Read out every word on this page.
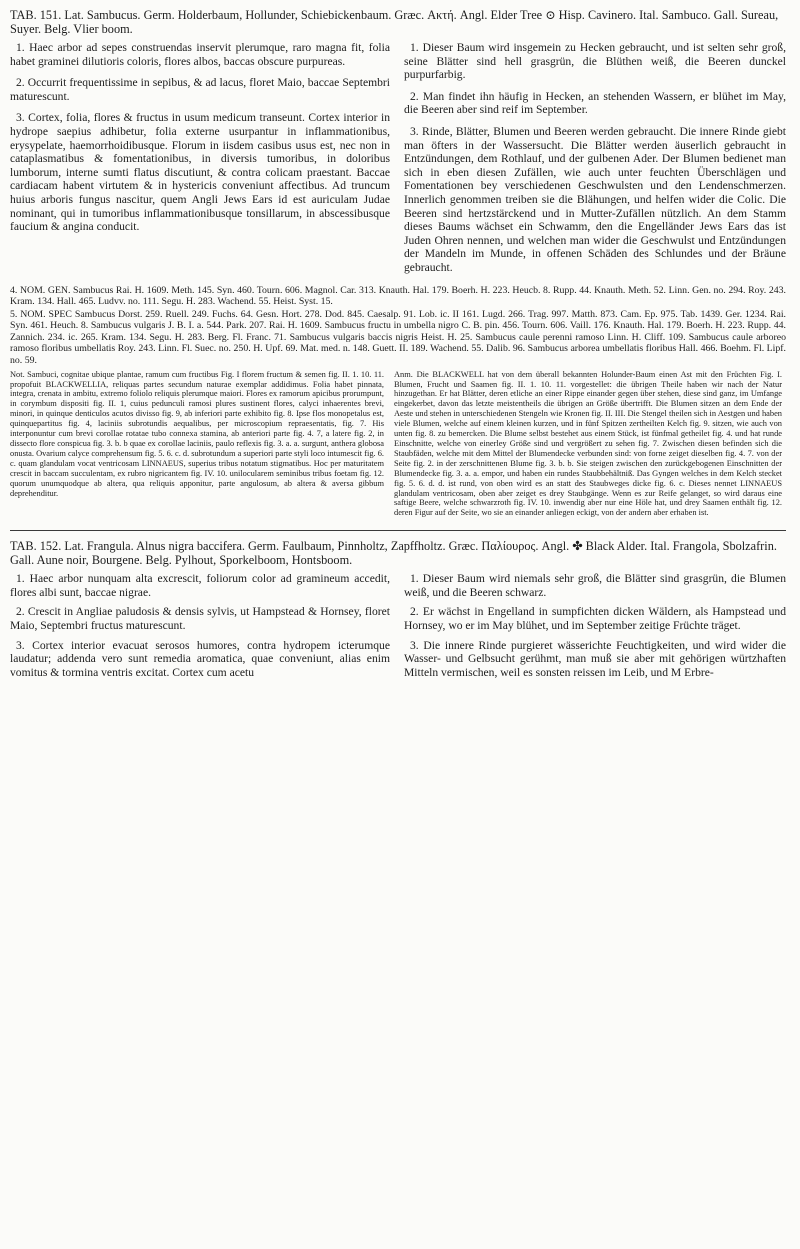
TAB. 151. Lat. Sambucus. Germ. Holderbaum, Hollunder, Schiebickenbaum. Græc. Ακτή. Angl. Elder Tree ⊙ Hisp. Cavinero. Ital. Sambuco. Gall. Sureau, Suyer. Belg. Vlier boom.

1. Haec arbor ad sepes construendas inservit plerumque, raro magna fit, folia habet graminei dilutioris coloris, flores albos, baccas obscure purpureas.

2. Occurrit frequentissime in sepibus, & ad lacus, floret Maio, baccae Septembri maturescunt.

3. Cortex, folia, flores & fructus in usum medicum transeunt. Cortex interior in hydrope saepius adhibetur, folia externe usurpantur in inflammationibus, erysypelate, haemorrhoidibusque. Florum in iisdem casibus usus est, nec non in cataplasmatibus & fomentationibus, in diversis tumoribus, in doloribus lumborum, interne sumti flatus discutiunt, & contra colicam praestant. Baccae cardiacam habent virtutem & in hystericis conveniunt affectibus. Ad truncum huius arboris fungus nascitur, quem Angli Jews Ears id est auriculam Judae nominant, qui in tumoribus inflammationibusque tonsillarum, in abscessibusque faucium & angina conducit.

1. Dieser Baum wird insgemein zu Hecken gebraucht, und ist selten sehr groß, seine Blätter sind hell grasgrün, die Blüthen weiß, die Beeren dunckel purpurfarbig.

2. Man findet ihn häufig in Hecken, an stehenden Wassern, er blühet im May, die Beeren aber sind reif im September.

3. Rinde, Blätter, Blumen und Beeren werden gebraucht. Die innere Rinde giebt man öfters in der Wassersucht. Die Blätter werden äuserlich gebraucht in Entzündungen, dem Rothlauf, und der gulbenen Ader. Der Blumen bedienet man sich in eben diesen Zufällen, wie auch unter feuchten Überschlägen und Fomentationen bey verschiedenen Geschwulsten und den Lendenschmerzen. Innerlich genommen treiben sie die Blähungen, und helfen wider die Colic. Die Beeren sind hertzstärckend und in Mutter-Zufällen nützlich. An dem Stamm dieses Baums wächset ein Schwamm, den die Engelländer Jews Ears das ist Juden Ohren nennen, und welchen man wider die Geschwulst und Entzündungen der Mandeln im Munde, in offenen Schäden des Schlundes und der Bräune gebraucht.

4. NOM. GEN. Sambucus Rai. H. 1609. Meth. 145. Syn. 460. Tourn. 606. Magnol. Car. 313. Knauth. Hal. 179. Boerh. H. 223. Heucb. 8. Rupp. 44. Knauth. Meth. 52. Linn. Gen. no. 294. Roy. 243. Kram. 134. Hall. 465. Ludvv. no. 111. Segu. H. 283. Wachend. 55. Heist. Syst. 15.

5. NOM. SPEC Sambucus Dorst. 259. Ruell. 249. Fuchs. 64. Gesn. Hort. 278. Dod. 845. Caesalp. 91. Lob. ic. II 161. Lugd. 266. Trag. 997. Matth. 873. Cam. Ep. 975. Tab. 1439. Ger. 1234. Rai. Syn. 461. Heuch. 8. Sambucus vulgaris J. B. I. a. 544. Park. 207. Rai. H. 1609. Sambucus fructu in umbella nigro C. B. pin. 456. Tourn. 606. Vaill. 176. Knauth. Hal. 179. Boerh. H. 223. Rupp. 44. Zannich. 234. ic. 265. Kram. 134. Segu. H. 283. Berg. Fl. Franc. 71. Sambucus vulgaris baccis nigris Heist. H. 25. Sambucus caule perenni ramoso Linn. H. Cliff. 109. Sambucus caule arboreo ramoso floribus umbellatis Roy. 243. Linn. Fl. Suec. no. 250. H. Upf. 69. Mat. med. n. 148. Guett. II. 189. Wachend. 55. Dalib. 96. Sambucus arborea umbellatis floribus Hall. 466. Boehm. Fl. Lipf. no. 59.

Not. Sambuci, cognitae ubique plantae, ramum cum fructibus Fig. I florem fructum & semen fig. II. 1. 10. 11. propofuit BLACKWELLIA, reliquas partes secundum naturae exemplar addidimus. Folia habet pinnata, integra, crenata in ambitu, extremo foliolo reliquis plerumque maiori. Flores ex ramorum apicibus prorumpunt, in corymbum dispositi fig. II. 1, cuius pedunculi ramosi plures sustinent flores, calyci inhaerentes brevi, minori, in quinque denticulos acutos divisso fig. 9, ab inferiori parte exhibito fig. 8. Ipse flos monopetalus est, quinquepartitus fig. 4, laciniis subrotundis aequalibus, per microscopium repraesentatis, fig. 7. His interponuntur cum brevi corollae rotatae tubo connexa stamina, ab anteriori parte fig. 4. 7, a latere fig. 2, in dissecto flore conspicua fig. 3. b. b quae ex corollae laciniis, paulo reflexis fig. 3. a. a. surgunt, anthera globosa onusta. Ovarium calyce comprehensum fig. 5. 6. c. d. subrotundum a superiori parte styli loco intumescit fig. 6. c. quam glandulam vocat ventricosam LINNAEUS, superius tribus notatum stigmatibus. Hoc per maturitatem crescit in baccam succulentam, ex rubro nigricantem fig. IV. 10. unilocularem seminibus tribus foetam fig. 12. quorum unumquodque ab altera, qua reliquis apponitur, parte angulosum, ab altera & aversa gibbum deprehenditur.

Anm. Die BLACKWELL hat von dem überall bekannten Holunder-Baum einen Ast mit den Früchten Fig. I. Blumen, Frucht und Saamen fig. II. 1. 10. 11. vorgestellet: die übrigen Theile haben wir nach der Natur hinzugethan. Er hat Blätter, deren etliche an einer Rippe einander gegen über stehen, diese sind ganz, im Umfange eingekerbet, davon das letzte meistentheils die übrigen an Größe übertrifft. Die Blumen sitzen an dem Ende der Aeste und stehen in unterschiedenen Stengeln wie Kronen fig. II. III. Die Stengel theilen sich in Aestgen und haben viele Blumen, welche auf einem kleinen kurzen, und in fünf Spitzen zertheilten Kelch fig. 9. sitzen, wie auch von unten fig. 8. zu bemercken. Die Blume selbst bestehet aus einem Stück, ist fünfmal getheilet fig. 4. und hat runde Einschnitte, welche von einerley Größe sind und vergrößert zu sehen fig. 7. Zwischen diesen befinden sich die Staubfäden, welche mit dem Mittel der Blumendecke verbunden sind: von forne zeiget dieselben fig. 4. 7. von der Seite fig. 2. in der zerschnittenen Blume fig. 3. b. b. Sie steigen zwischen den zurückgebogenen Einschnitten der Blumendecke fig. 3. a. a. empor, und haben ein rundes Staubbehältniß. Das Gyngen welches in dem Kelch stecket fig. 5. 6. d. d. ist rund, von oben wird es an statt des Staubweges dicke fig. 6. c. Dieses nennet LINNAEUS glandulam ventricosam, oben aber zeiget es drey Staubgänge. Wenn es zur Reife gelanget, so wird daraus eine saftige Beere, welche schwarzroth fig. IV. 10. inwendig aber nur eine Höle hat, und drey Saamen enthält fig. 12. deren Figur auf der Seite, wo sie an einander anliegen eckigt, von der andern aber erhaben ist.

TAB. 152. Lat. Frangula. Alnus nigra baccifera. Germ. Faulbaum, Pinnholtz, Zapffholtz. Græc. Παλίουρος. Angl. ✤ Black Alder. Ital. Frangola, Sbolzafrin. Gall. Aune noir, Bourgene. Belg. Pylhout, Sporkelboom, Hontsboom.

1. Haec arbor nunquam alta excrescit, foliorum color ad gramineum accedit, flores albi sunt, baccae nigrae.

2. Crescit in Angliae paludosis & densis sylvis, ut Hampstead & Hornsey, floret Maio, Septembri fructus maturescunt.

3. Cortex interior evacuat serosos humores, contra hydropem icterumque laudatur; addenda vero sunt remedia aromatica, quae conveniunt, alias enim vomitus & tormina ventris excitat. Cortex cum acetu

1. Dieser Baum wird niemals sehr groß, die Blätter sind grasgrün, die Blumen weiß, und die Beeren schwarz.

2. Er wächst in Engelland in sumpfichten dicken Wäldern, als Hampstead und Hornsey, wo er im May blühet, und im September zeitige Früchte träget.

3. Die innere Rinde purgieret wässerichte Feuchtigkeiten, und wird wider die Wasser- und Gelbsucht gerühmt, man muß sie aber mit gehörigen würtzhaften Mitteln vermischen, weil es sonsten reissen im Leib, und M Erbre-
